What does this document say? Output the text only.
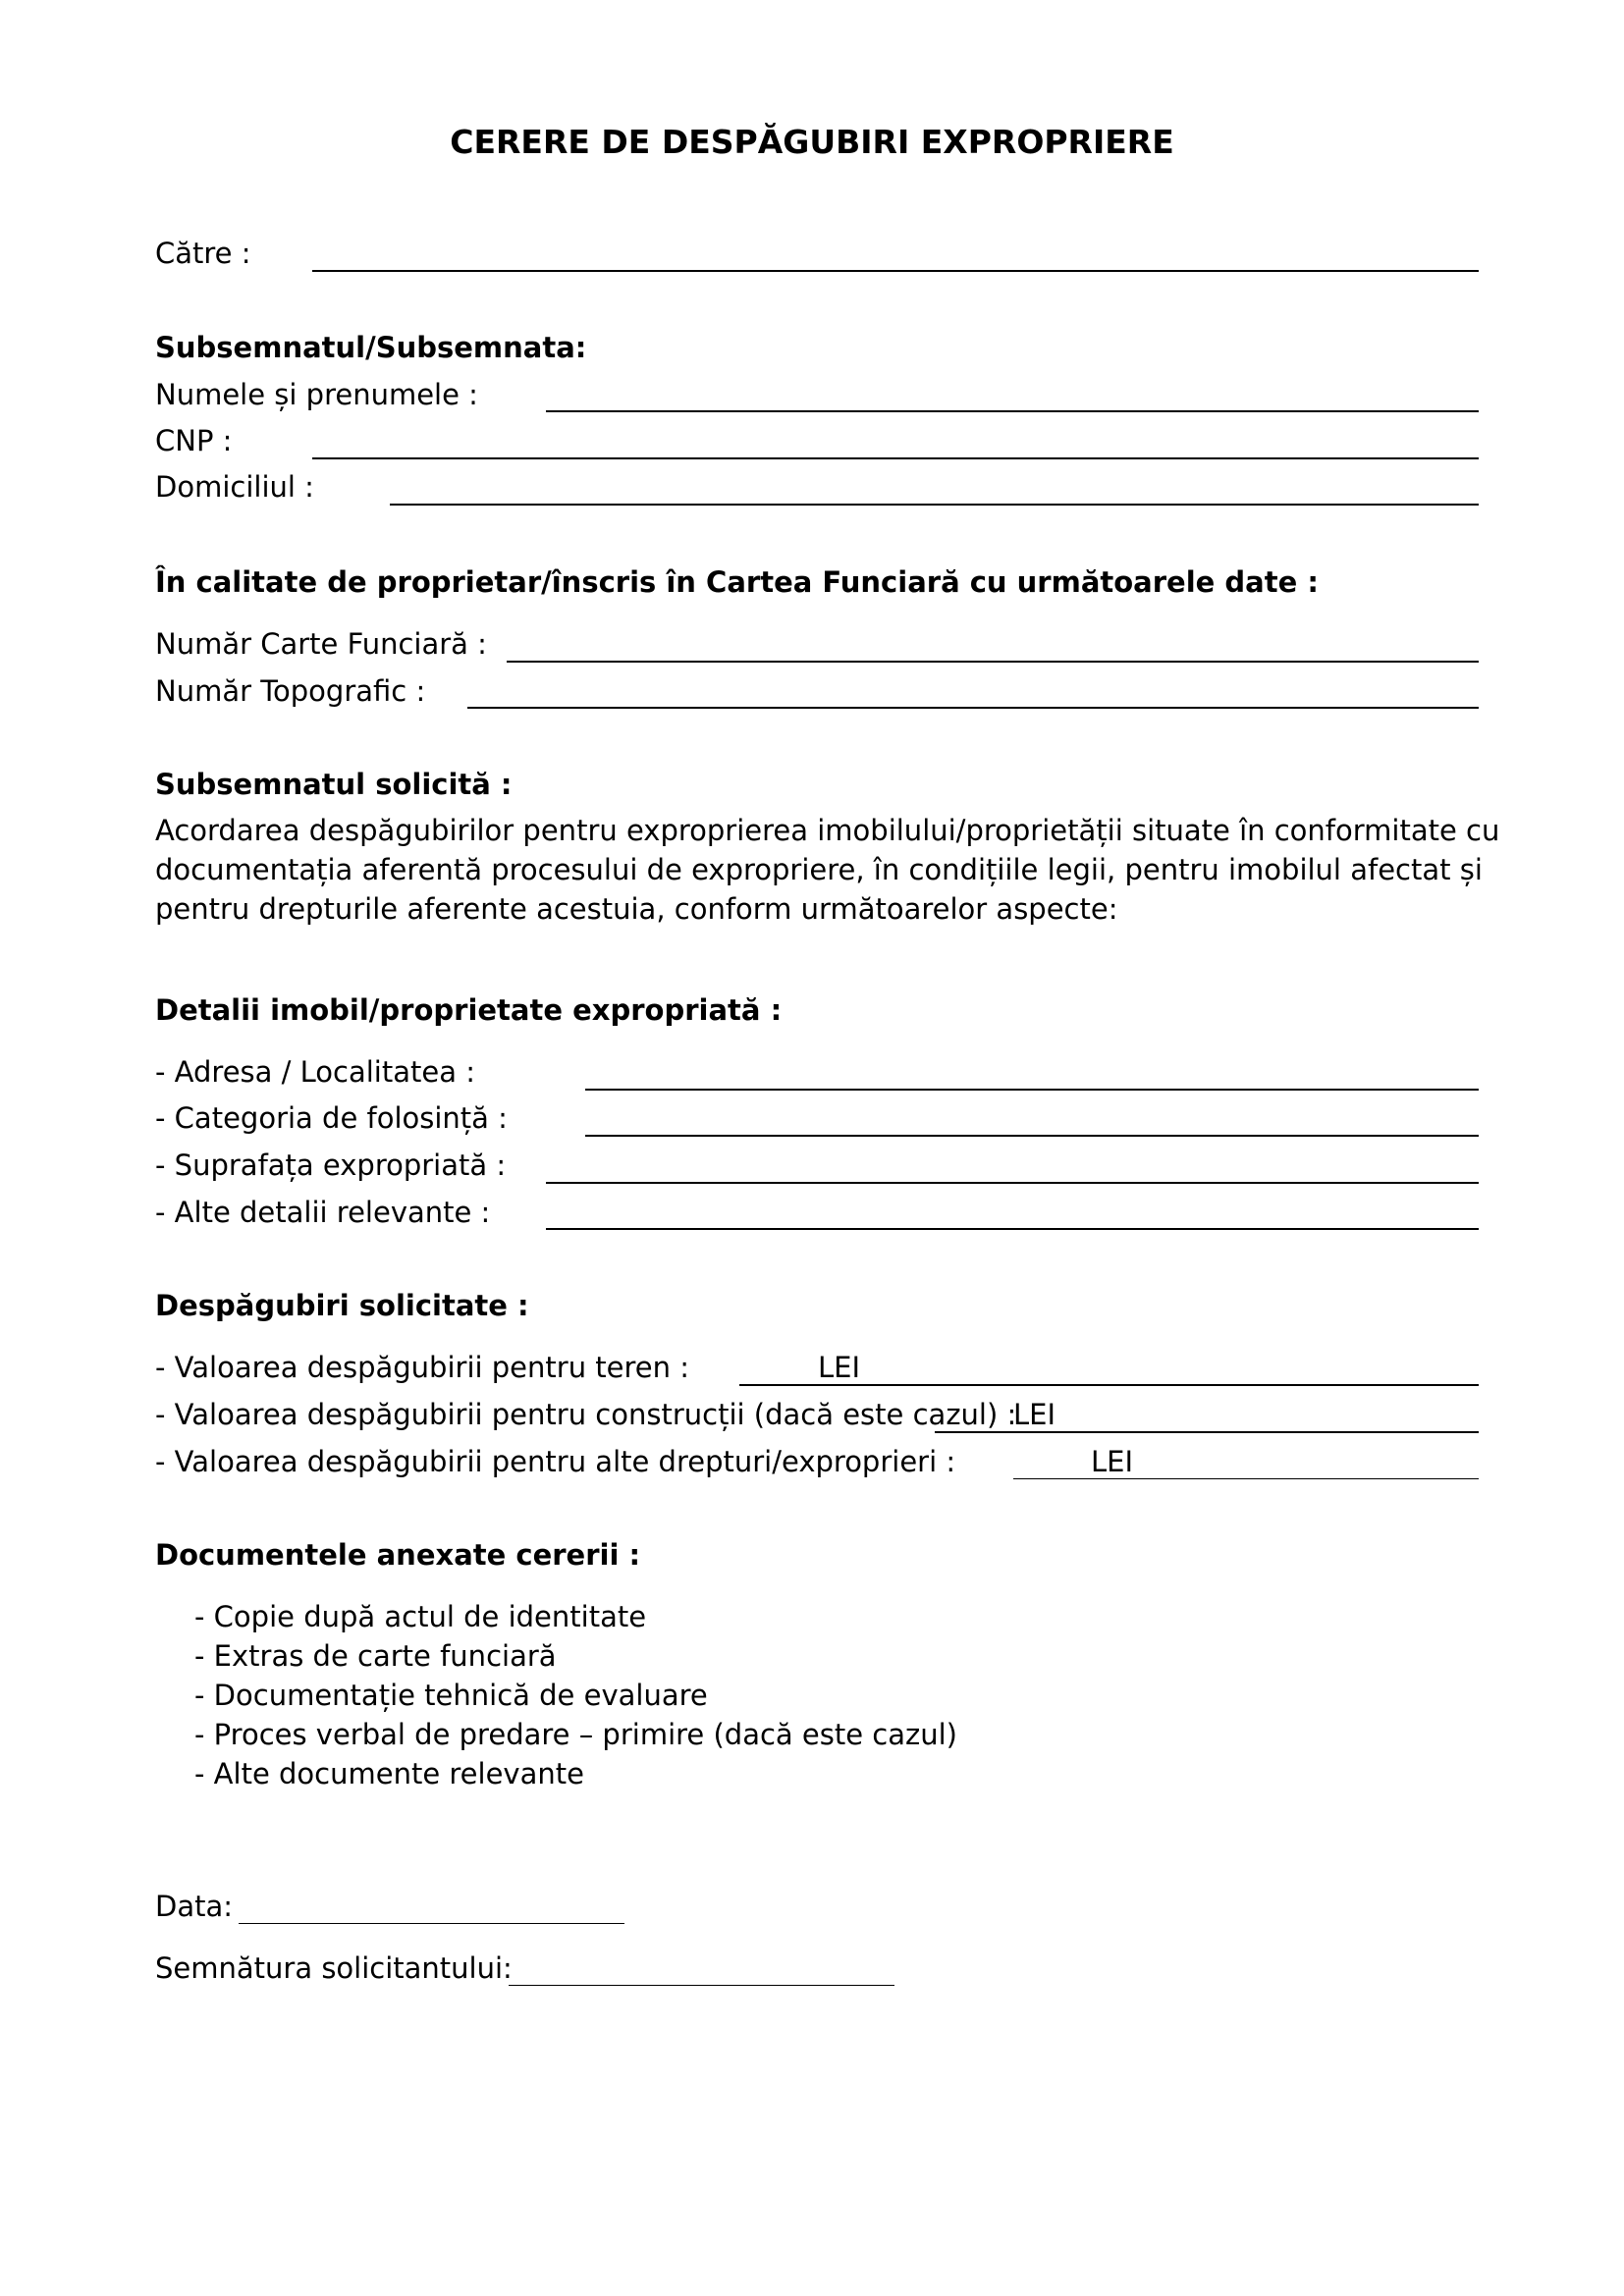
CERERE DE DESPĂGUBIRI EXPROPRIERE
Către :
Subsemnatul/Subsemnata:
Numele și prenumele :
CNP :
Domiciliul :
În calitate de proprietar/înscris în Cartea Funciară cu următoarele date :
Număr Carte Funciară :
Număr Topografic :
Subsemnatul solicită :
Acordarea despăgubirilor pentru exproprierea imobilului/proprietății situate în conformitate cu
documentația aferentă procesului de expropriere, în condițiile legii, pentru imobilul afectat și
pentru drepturile aferente acestuia, conform următoarelor aspecte:
Detalii imobil/proprietate expropriată :
- Adresa / Localitatea :
- Categoria de folosință :
- Suprafața expropriată :
- Alte detalii relevante :
Despăgubiri solicitate :
- Valoarea despăgubirii pentru teren :	LEI
- Valoarea despăgubirii pentru construcții (dacă este cazul) :
LEI
- Valoarea despăgubirii pentru alte drepturi/exproprieri :	LEI
Documentele anexate cererii :
- Copie după actul de identitate
- Extras de carte funciară
- Documentație tehnică de evaluare
- Proces verbal de predare – primire (dacă este cazul)
- Alte documente relevante
Data:
Semnătura solicitantului:
